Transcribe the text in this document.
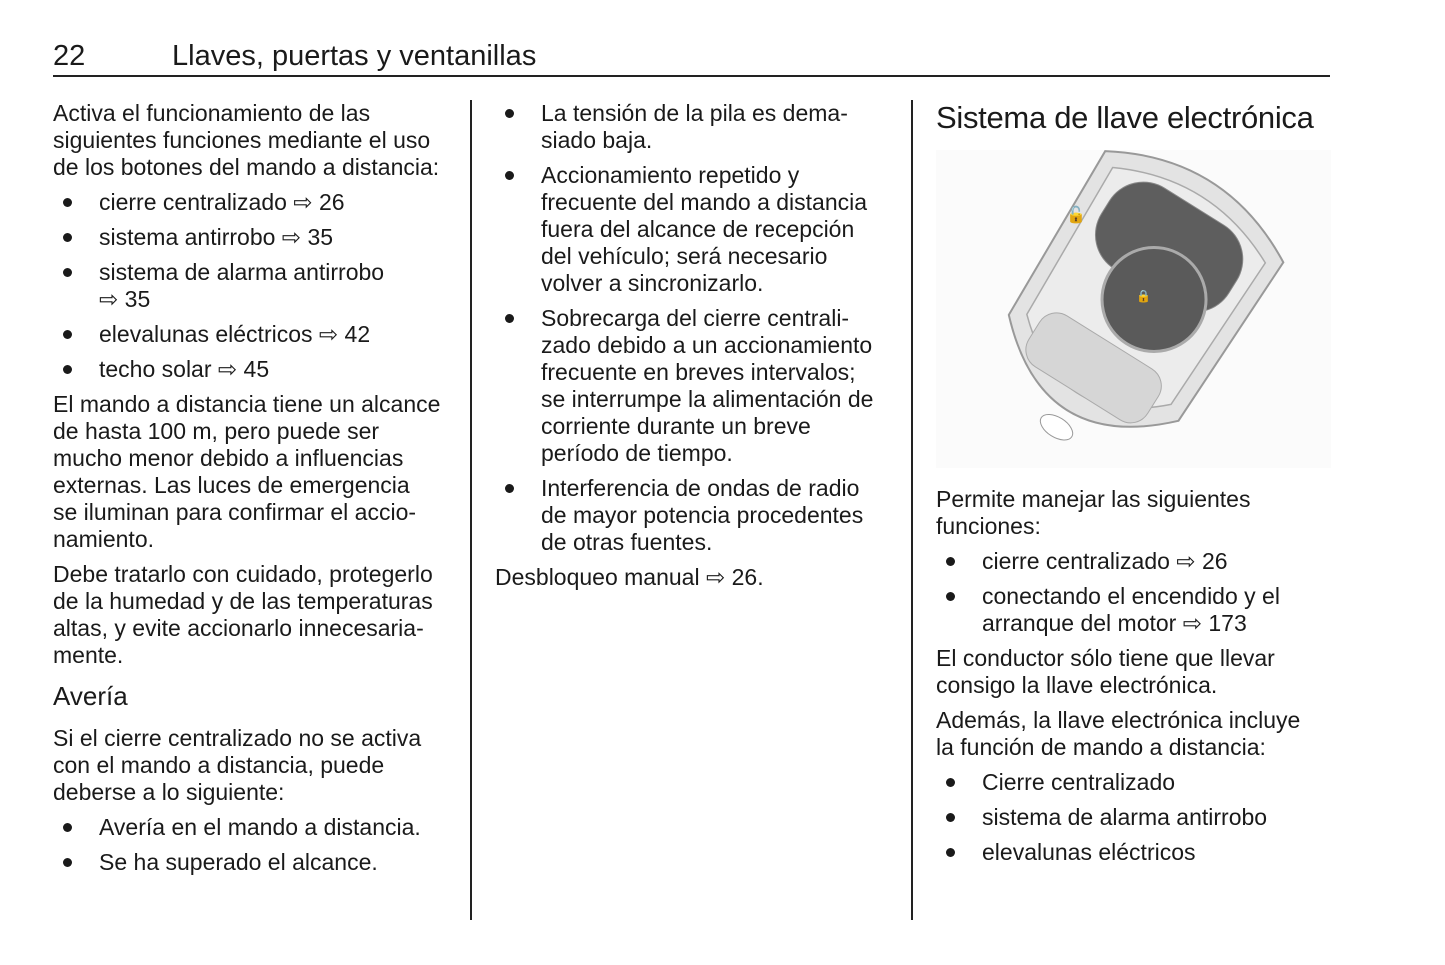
22	Llaves, puertas y ventanillas

Activa el funcionamiento de las
siguientes funciones mediante el uso
de los botones del mando a distancia:

cierre centralizado ⇨ 26
sistema antirrobo ⇨ 35
sistema de alarma antirrobo
⇨ 35
elevalunas eléctricos ⇨ 42
techo solar ⇨ 45

El mando a distancia tiene un alcance
de hasta 100 m, pero puede ser
mucho menor debido a influencias
externas. Las luces de emergencia
se iluminan para confirmar el accio-
namiento.

Debe tratarlo con cuidado, protegerlo
de la humedad y de las temperaturas
altas, y evite accionarlo innecesaria-
mente.

Avería

Si el cierre centralizado no se activa
con el mando a distancia, puede
deberse a lo siguiente:

Avería en el mando a distancia.
Se ha superado el alcance.
La tensión de la pila es dema-
siado baja.
Accionamiento repetido y
frecuente del mando a distancia
fuera del alcance de recepción
del vehículo; será necesario
volver a sincronizarlo.
Sobrecarga del cierre centrali-
zado debido a un accionamiento
frecuente en breves intervalos;
se interrumpe la alimentación de
corriente durante un breve
período de tiempo.
Interferencia de ondas de radio
de mayor potencia procedentes
de otras fuentes.

Desbloqueo manual ⇨ 26.

Sistema de llave electrónica
🔓
🔒

Permite manejar las siguientes
funciones:

cierre centralizado ⇨ 26
conectando el encendido y el
arranque del motor ⇨ 173

El conductor sólo tiene que llevar
consigo la llave electrónica.

Además, la llave electrónica incluye
la función de mando a distancia:

Cierre centralizado
sistema de alarma antirrobo
elevalunas eléctricos
